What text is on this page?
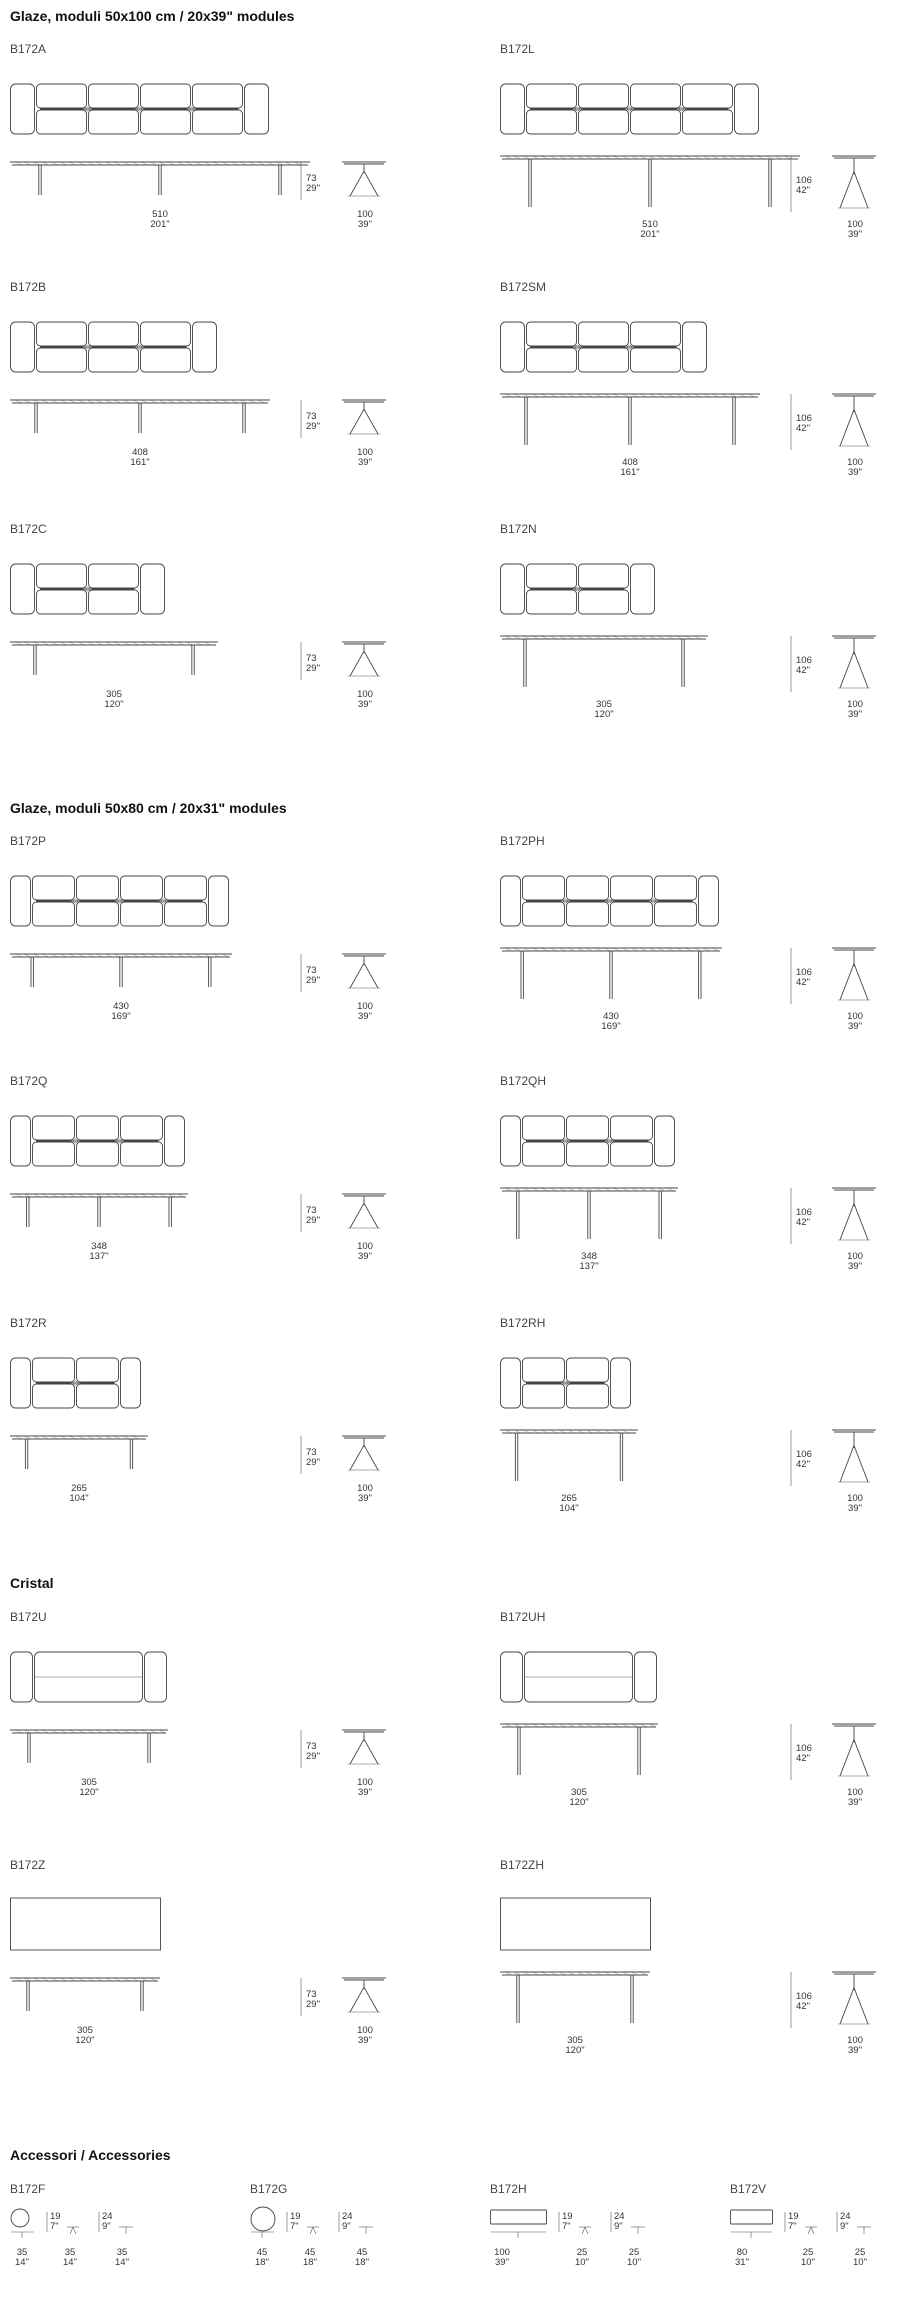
Glaze, moduli 50x100 cm / 20x39" modules
B172A
510
201"
73
29"
100
39"
B172L
510
201"
106
42"
100
39"
B172B
408
161"
73
29"
100
39"
B172SM
408
161"
106
42"
100
39"
B172C
305
120"
73
29"
100
39"
B172N
305
120"
106
42"
100
39"
Glaze, moduli 50x80 cm / 20x31" modules
B172P
430
169"
73
29"
100
39"
B172PH
430
169"
106
42"
100
39"
B172Q
348
137"
73
29"
100
39"
B172QH
348
137"
106
42"
100
39"
B172R
265
104"
73
29"
100
39"
B172RH
265
104"
106
42"
100
39"
Cristal
B172U
305
120"
73
29"
100
39"
B172UH
305
120"
106
42"
100
39"
B172Z
305
120"
73
29"
100
39"
B172ZH
305
120"
106
42"
100
39"
Accessori / Accessories
B172F
35
14"
19
7"
35
14"
24
9"
35
14"
B172G
45
18"
19
7"
45
18"
24
9"
45
18"
B172H
100
39"
19
7"
25
10"
24
9"
25
10"
B172V
80
31"
19
7"
25
10"
24
9"
25
10"
